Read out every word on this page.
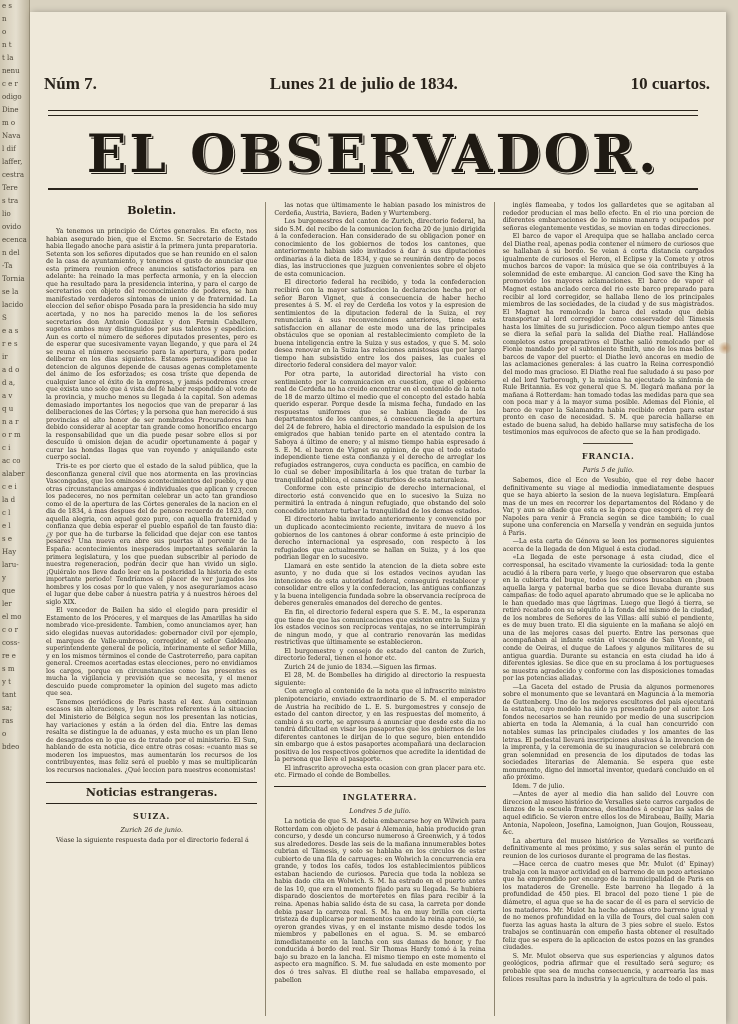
e s
n
o
n t
t la
nenu
c e r
odigo
Dine
m o
Nava
l dif
laffer,
cestra
Tere
s tra
lio
ovido
ecenca
n del
-Ta
Tornia
se la
lacido
S
e a s
r e s
ir
a d o
d a,
a v
q u
n a r
o r m
c i
ac co
alaber
c e i
la d
c l
e l
s e
Hay
laru-
y
que
ler
el mo
c o r
coss-
re e
s m
y t
tant
sa;
ras
o
bdeo
Núm 7.	Lunes 21 de julio de 1834.	10 cuartos.
EL OBSERVADOR.
Boletin.

Ya tenemos un principio de Córtes generales. En efecto, nos habian asegurado bien, que el Excmo. Sr. Secretario de Estado habia llegado anoche para asistir á la primera junta preparatoria. Setenta son los señores diputados que se han reunido en el salon de la casa de ayuntamiento, y tenemos el gusto de anunciar que esta primera reunion ofrece anuncios satisfactorios para en adelante: ha reinado la mas perfecta armonía, y en la eleccion que ha resultado para la presidencia interina, y para el cargo de secretarios con objeto del reconocimiento de poderes, se han manifestado verdaderos síntomas de union y de fraternidad. La eleccion del señor obispo Posada para la presidencia ha sido muy acertada, y no nos ha parecido menos la de los señores secretarios don Antonio González y don Fermin Caballero, sugetos ambos muy distinguidos por sus talentos y espedicion. Aun es corto el número de señores diputados presentes, pero es de esperar que sucesivamente vayan llegando, y que para el 24 se reuna el número necesario para la apertura, y para poder deliberar en los dias siguientes. Estamos persuadidos que la detencion de algunos depende de causas agenas completamente del ánimo de los esforzados; es cosa triste que dependa de cualquier lance el éxito de la empresa, y jamás podremos creer que exista uno solo que á vista del fé haber respondido al voto de la provincia, y mucho menos su llegada á la capital. Son ademas demasiado importantes los negocios que van de preparar á las deliberaciones de las Córtes; y la persona que han merecido á sus provincias el alto honor de ser nombrados Procuradores han debido considerar al aceptar tan grande como honorífico encargo la responsabilidad que un dia puede pesar sobre ellos si por descuido ú omision dejan de acudir oportunamente á pagar y curar las hondas llagas que van royendo y aniquilando este cuerpo social.

Tris-te es por cierto que el estado de la salud pública, que la desconfianza general civil que nos atormenta en las provincias Vascongadas, que los ominosos acontecimientos del pueblo, y que otras circunstancias amargas é individuales que aplican y crecen los padeceres, no nos permitan celebrar un acto tan grandioso como el de la apertura de las Córtes generales de la nacion en el dia de 1834, á mas despues del de penoso recuerdo de 1823, con aquella alegria, con aquel gozo puro, con aquella fraternidad y confianza que debia esperar el pueblo español de tan fausto dia: ¿y por que ha de turbarse la felicidad que dejar con ese tantos pesares? Una nueva era abre sus puertas al porvenir de la España: acontecimientos inesperados importantes señalarán la primera legislatura, y los que puedan subscribir al periodo de nuestra regeneracion, podrán decir que han vivido un siglo. ¡Quiéralo nos lleve dado leer en la posteridad la historia de este importante periodo! Tendríamos el placer de ver juzgados los hombres y los cosas por lo que valen, y nos aseguraríamos acaso el lugar que debe caber á nuestra patria y á nuestros héroes del siglo XIX.

El vencedor de Bailen ha sido el elegido para presidir el Estamento de los Próceres, y el marques de las Amarillas ha sido nombrado vice-presidente. Tambien, como anunciamos ayer, han sido elegidas nuevas autoridades: gobernador civil por ejemplo, el marques de Valle-umbroso, corregidor, el señor Galdeano, superintendente general de policía, interinamente el señor Milla, y en los mismos términos el conde de Castroterreño, para capitan general. Creemos acertadas estas elecciones, pero no envidiamos los cargos, porque en circunstancias como las presentes es mucha la vigilancia y previsión que se necesita, y el menor descuido puede comprometer la opinion del sugeto mas adicto que sea.

Tenemos periódicos de Paris hasta el 4ex. Aun continuan escasos sin alteraciones, y los escritos referentes á la situacion del Ministerio de Bélgica segun nos los presentan las noticias, hay variaciones y están a la órden del dia. Entre las demas resalta se distingue la de aduanas, y esta mucho es un plan lleno de desagrados en lo que es de tratado por el ministerio. El Sun, hablando de esta noticia, dice entre otras cosas: «cuanto mas se moderen los impuestos, mas aumentarán los recursos de los contribuyentes, mas feliz será el pueblo y mas se multiplicarán los recursos nacionales. ¿Qué leccion para nuestros economistas!

Noticias estrangeras.
SUIZA.
Zurich 26 de junio.

Véase la siguiente respuesta dada por el directorio federal á

las notas que últimamente le habian pasado los ministros de Cerdeña, Austria, Baviera, Baden y Wurtemberg.

Los burgomestres del canton de Zurich, directorio federal, ha sido S.M. del recibo de la comunicacion fecha 20 de junio dirigida á la confederacion. Han considerado de su obligacion poner en conocimiento de los gobiernos de todos los cantones, que anteriormente habian sido invitados á dar á sus diputaciones ordinarias á la dieta de 1834, y que se reunirán dentro de pocos dias, las instrucciones que juzguen convenientes sobre el objeto de esta comunicacion.

El directorio federal ha recibido, y toda la confederacion recibirá con la mayor satisfaccion la declaracion hecha por el señor Baron Vignet, que á consecuencia de haber hecho presentes á S. M. el rey de Cerdeña los votos y la espresion de sentimientos de la diputacion federal de la Suiza, el rey renunciaria á sus reconvenciones anteriores, tiene esta satisfaccion en allanar de este modo una de las principales obstáculos que se oponian al restablecimiento completo de la buena inteligencia entre la Suiza y sus estados, y que S. M. solo desea renovar en la Suiza las relaciones amistosas que por largo tiempo han subsistido entre los dos paises, las cuales el directorio federal considera del mayor valor.

Por otra parte, la autoridad directorial ha visto con sentimiento por la comunicacion en cuestion, que el gobierno real de Cerdeña no ha creido encontrar en el contenido de la nota de 18 de marzo último el medio que el concepto del estado había querido esperar. Porque desde la misma fecha, fundado en las respuestas uniformes que se habian llegado de los departamentos de los cantones, á consecuencia de la apertura del 24 de febrero, habia el directorio mandado la espulsion de los emigrados que habian tenido parte en el atentado contra la Saboya á último de enero; y al mismo tiempo habia espresado á S. E. M. el baron de Vignet su opinion, de que el todo estado independiente tiene esta confianza y el derecho de arreglar los refugiados estrangeros, cuya conducta es pacífica, en cambio de lo cual se deber imposibilitarla á los que tratan de turbar la tranquilidad pública, el cansar disturbios de esta naturaleza.

Conforme con este principio de derecho internacional, el directorio está convencido que en lo sucesivo la Suiza no permitirá la entrada á ningun refugiado, que obstando del solo concedido intentare turbar la tranquilidad de los demas estados.

El directorio habia invitado anteriormente y convencido por un duplicado acontecimiento reciente, invitara de nuevo á los gobiernos de los cantones á obrar conforme á este principio de derecho internacional ya espresado, con respecto á los refugiados que actualmente se hallan en Suiza, y á los que podrian llegar en lo sucesivo.

Llamará en este sentido la atencion de la dieta sobre este asunto, y no duda que si los estados vecinos ayudan las intenciones de esta autoridad federal, conseguirá restablecer y consolidar entre ellos y la confederacion, las antiguas confianzas y la buena inteligencia fundada sobre la observancia recíproca de deberes generales emanados del derecho de gentes.

En fin, el directorio federal espera que S. E. M., la esperanza que tiene de que las comunicaciones que existen entre la Suiza y los estados vecinos son recíprocas ventajas, no se interrumpirán de ningun modo, y que al contrario renovarán las medidas restrictivas que últimamente se establecieron.

El burgomestre y consejo de estado del canton de Zurich, directorio federal, tienen el honor etc.

Zurich 24 de junio de 1834.—Siguen las firmas.

El 28, M. de Bombelles ha dirigido al directorio la respuesta siguiente:

Con arreglo al contenido de la nota que el infrascrito ministro plenipotenciario, enviado extraordinario de S. M. el emperador de Austria ha recibido de L. E. S. burgomestres y consejo de estado del canton director, y en las respuestas del momento, á cambio á su corte, se apresura á anunciar que desde este dia no tendrá dificultad en visar los pasaportes que los gobiernos de los diferentes cantones le dirijan de lo que seguro, bien entendido sin embargo que á estos pasaportes acompañará una declaracion positiva de los respectivos gobiernos que acredite la identidad de la persona que lleve el pasaporte.

El infrascrito aprovecha esta ocasion con gran placer para etc. etc. Firmado el conde de Bombelles.

INGLATERRA.
Londres 5 de julio.

La noticia de que S. M. debia embarcarse hoy en Wilwich para Rotterdam con objeto de pasar á Alemania, habia producido gran concurso, y desde un concurso numeroso á Greenwich, y á todos sus alrededores. Desde las seis de la mañana innumerables botes cubrian el Támesis, y solo se hablaba en los circulos de estar cubierto de una fila de carruages: en Wolwich la concurrencia era grande, y todos los cafés, todos los establecimientos públicos estaban haciendo de curiosos. Parecia que toda la nobleza se habia dado cita en Wolwich. S. M. ha estrado en el puerto antes de las 10, que era el momento fijado para su llegada. Se hubiera disparado doscientos de morteretes en filas para recibir á la reina. Apenas habia salido ésta de su casa, la carreta por donde debia pasar la carroza real. S. M. ha en muy brilla con cierta tristeza de duplicarse por mementos cuando la reina apareció, se oyeron grandes vivas, y en el instante mismo desde todos los miembros y pabellones en el agua. S. M. se embarcó inmediatamente en la lancha con sus damas de honor, y fue conducida á bordo del real. Sir Thomas Hardy tomó á la reina bajo su brazo en la lancha. El mismo tiempo en este momento el aspecto era magnífico. S. M. fue saludada en este momento por dos ó tres salvas. El diuthe real se hallaba empavesado, el pabellon

inglés flameaba, y todos los gallardetes que se agitaban al rededor producian el mas bello efecto. En el rio una porcion de diferentes embarcaciones de lo mismo manera y ocupados por señoras elegantemente vestidas, se movian en todas direcciones.

El barco de vapor el Arequipa que se hallaba anclado cerca del Diathe real, apenas podia contener el número de curiosos que se hallaban á su bordo. Se veian á corta distancia cargados igualmente de curiosos el Heron, el Eclipse y la Comete y otros muchos barcos de vapor: la música que se oia contribuyes á la solemnidad de este embarque. Al cancion God save the King ha promovido los mayores aclamaciones. El barco de vapor el Magnet estaba anclado cerca del rio este barco preparado para recibir al lord corregidor, se hallaba lleno de los principales miembros de las sociedades, de la ciudad y de sus magistrados. El Magnet ha remolcado la barca del estado que debia transportar al lord corregidor como conservador del Támesis hasta los límites de su jurisdiccion. Poco algun tiempo antes que se diera la señal para la salida del Diathe real. Hallándose completos estos preparativos el Diathe salió remolcado por el Fionie mandado por el subteniente Smith, uno de los mas bellos barcos de vapor del puerto: el Diathe levó ancoras en medio de las aclamaciones generales: á las cuatro la Reina correspondió del modo mas gracioso. El Diathe real fue saludado á su paso por el del lord Yarborough, y la música ha ejecutado la sinfonia de Rule Britannia. Es voz general que S. M. llegará mañana por la mañana á Rotterdam: han tomado todas las medidas para que sea con poca mar y á la mayor suma posible. Ademas del Fionie, el barco de vapor la Salamandra habia recibido orden para estar pronto en caso de necesidad. S. M. que parecia hallarse en estado de buena salud, ha debido hallarse muy satisfecha de los testimonios mas equívocos de afecto que se la han prodigado.

FRANCIA.
Paris 5 de julio.

Sabemos, dice el Eco de Vesubio, que el rey debe hacer definitivamente su viage al mediodia inmediatamente despues que se haya abierto la sesion de la nueva legislatura. Empleará mas de un mes en recorrer los departamentos del Ródano y de Var, y aun se añade que esta es la época que escogerá el rey de Napoles para venir á Francia según se dice también; lo cual supone una conferencia en Marsella y vendrán en seguida juntos á Paris.

—La esta carta de Génova se leen los pormenores siguientes acerca de la llegada de don Miguel á esta ciudad.

«La llegada de este personage á esta ciudad, dice el corresponsal, ha escitado vivamente la curiosidad: toda la gente acudió á la ribera para verle, y luego que observaron que estaba en la cubierta del buque, todos los curiosos buscaban en ¡buen aquella larga y paternal barba que se dice llevaba durante sus campañas: de todo aquel aparato abrumado que se le aplicaba no le han quedado mas que lágrimas. Luego que llegó á tierra, se retiró recatado con su séquito á la fonda del mismo de la ciudad, de los nombres de Señores de las Villas: allí subió el pendiente, es de muy buen trato. El dia siguiente en la mañana se alojó en una de las mejores casas del puerto. Entre las personas que acompañaban al infante están el visconde de San Vicente, el conde de Oeiras, el duque de Lafoes y algunos militares de su antigua guardia. Durante su estancia en esta ciudad ha ido á diferentes iglesias. Se dice que en su proclama á los portugueses se muestra agradecido y conforme con las disposiciones tomadas por las potencias aliadas.

—La Gaceta del estado de Prusia da algunos pormenores sobre el monumento que se levantará en Maguncia á la memoria de Guttenberg. Uno de los mejores escultores del pais ejecutará la estatua, cuyo modelo ha sido ya presentado por el autor. Los fondos necesarios se han reunido por medio de una suscripcion abierta en toda la Alemania, á la cual han concurrido con notables sumas las principales ciudades y los amantes de las letras. El pedestal llevará inscripciones alusivas á la invencion de la imprenta, y la ceremonia de su inauguracion se celebrará con gran solemnidad en presencia de los diputados de todas las sociedades literarias de Alemania. Se espera que este monumento, digno del inmortal inventor, quedará concluido en el año próximo.

Idem. 7 de julio.

—Antes de ayer al medio dia han salido del Louvre con direccion al museo histórico de Versalles siete carros cargados de lienzos de la escuela francesa, destinados á ocupar las salas de aquel edificio. Se vieron entre ellos los de Mirabeau, Bailly, Maria Antonia, Napoleon, Josefina, Lamoignon, Juan Goujon, Rousseau, &c.

La abertura del museo histórico de Versalles se verificará definitivamente al mes próximo, y sus salas serán el punto de reunion de los curiosos durante el programa de las fiestas.

—Hace cerca de cuatro meses que Mr. Mulot (d' Epinay) trabaja con la mayor actividad en el barreno de un pozo artesiano que ha emprendido por encargo de la municipalidad de Paris en los mataderos de Grenelle. Este barreno ha llegado á la profundidad de 450 pies. El bracol del pozo tiene 1 pie de diámetro, el agua que se ha de sacar de él es para el servicio de los mataderos. Mr. Mulot ha hecho ademas otro barreno igual y de no menos profundidad en la villa de Tours, del cual salen con fuerza las aguas hasta la altura de 3 pies sobre el suelo. Estos trabajos se continuarán con empeño hasta obtener el resultado feliz que se espera de la aplicacion de estos pozos en las grandes ciudades.

S. Mr. Mulot observa que sus esperiencias y algunos datos geológicos, podria afirmar que el resultado será seguro; es probable que sea de mucha consecuencia, y acarrearia las mas felices resultas para la industria y la agricultura de todo el pais.
